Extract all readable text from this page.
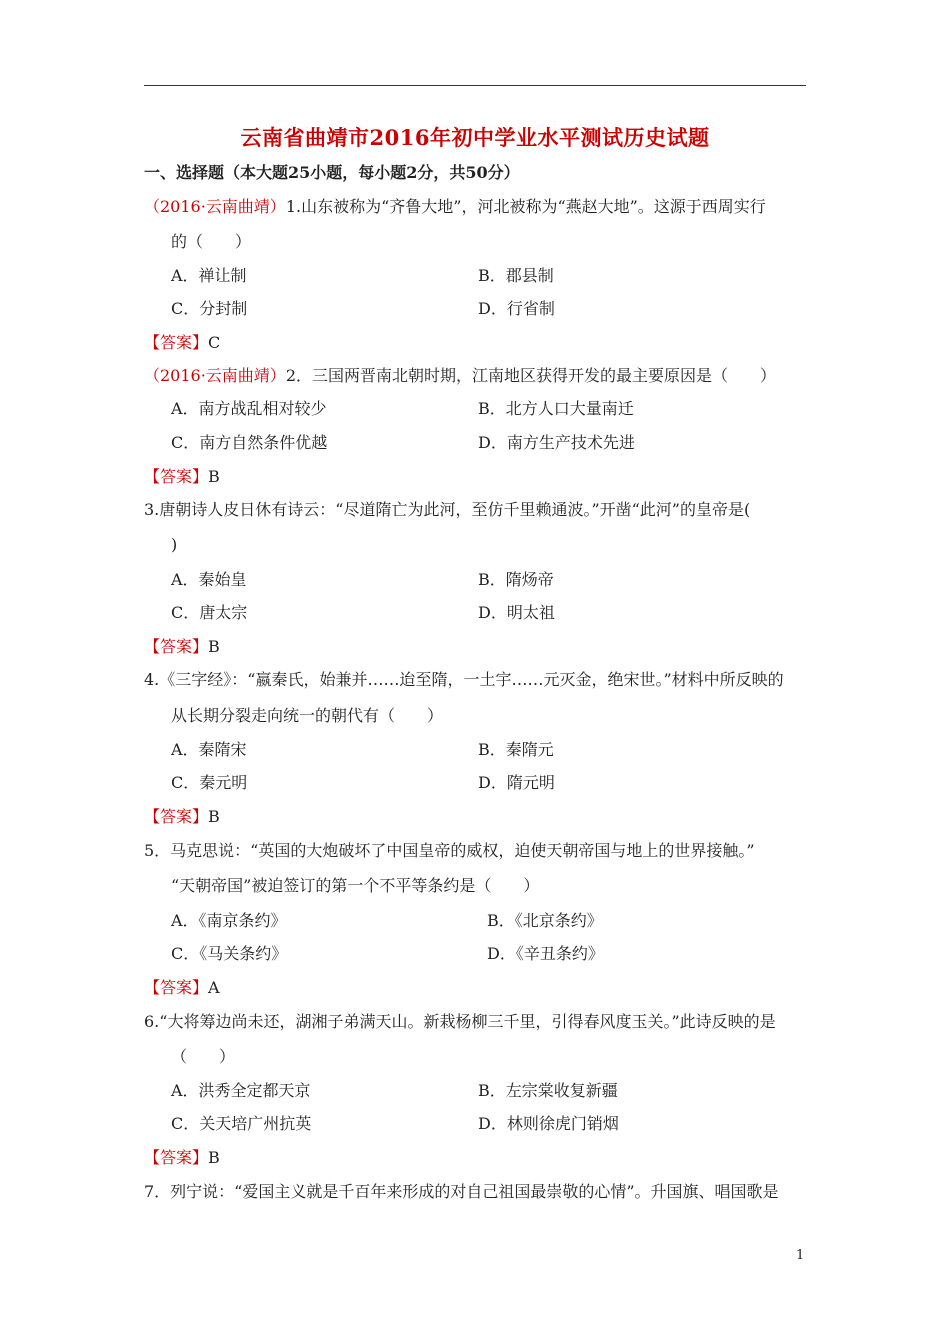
云南省曲靖市2016年初中学业水平测试历史试题
一、选择题（本大题25小题，每小题2分，共50分）
（2016·云南曲靖）1.山东被称为“齐鲁大地”，河北被称为“燕赵大地”。这源于西周实行
的（　　）
A．禅让制	B．郡县制
C．分封制	D．行省制
【答案】C
（2016·云南曲靖）2．三国两晋南北朝时期，江南地区获得开发的最主要原因是（　　）
A．南方战乱相对较少	B．北方人口大量南迁
C．南方自然条件优越	D．南方生产技术先进
【答案】B
3.唐朝诗人皮日休有诗云：“尽道隋亡为此河，至仿千里赖通波。”开凿“此河”的皇帝是(
)
A．秦始皇	B．隋炀帝
C．唐太宗	D．明太祖
【答案】B
4.《三字经》：“嬴秦氏，始兼并……迨至隋，一土宇……元灭金，绝宋世。”材料中所反映的
从长期分裂走向统一的朝代有（　　）
A．秦隋宋	B．秦隋元
C．秦元明	D．隋元明
【答案】B
5．马克思说：“英国的大炮破坏了中国皇帝的威权，迫使天朝帝国与地上的世界接触。”
“天朝帝国”被迫签订的第一个不平等条约是（　　）
A．《南京条约》	B．《北京条约》
C．《马关条约》	D．《辛丑条约》
【答案】A
6.“大将筹边尚未还，湖湘子弟满天山。新栽杨柳三千里，引得春风度玉关。”此诗反映的是
（　　）
A．洪秀全定都天京	B．左宗棠收复新疆
C．关天培广州抗英	D．林则徐虎门销烟
【答案】B
7．列宁说：“爱国主义就是千百年来形成的对自己祖国最崇敬的心情”。升国旗、唱国歌是
1
